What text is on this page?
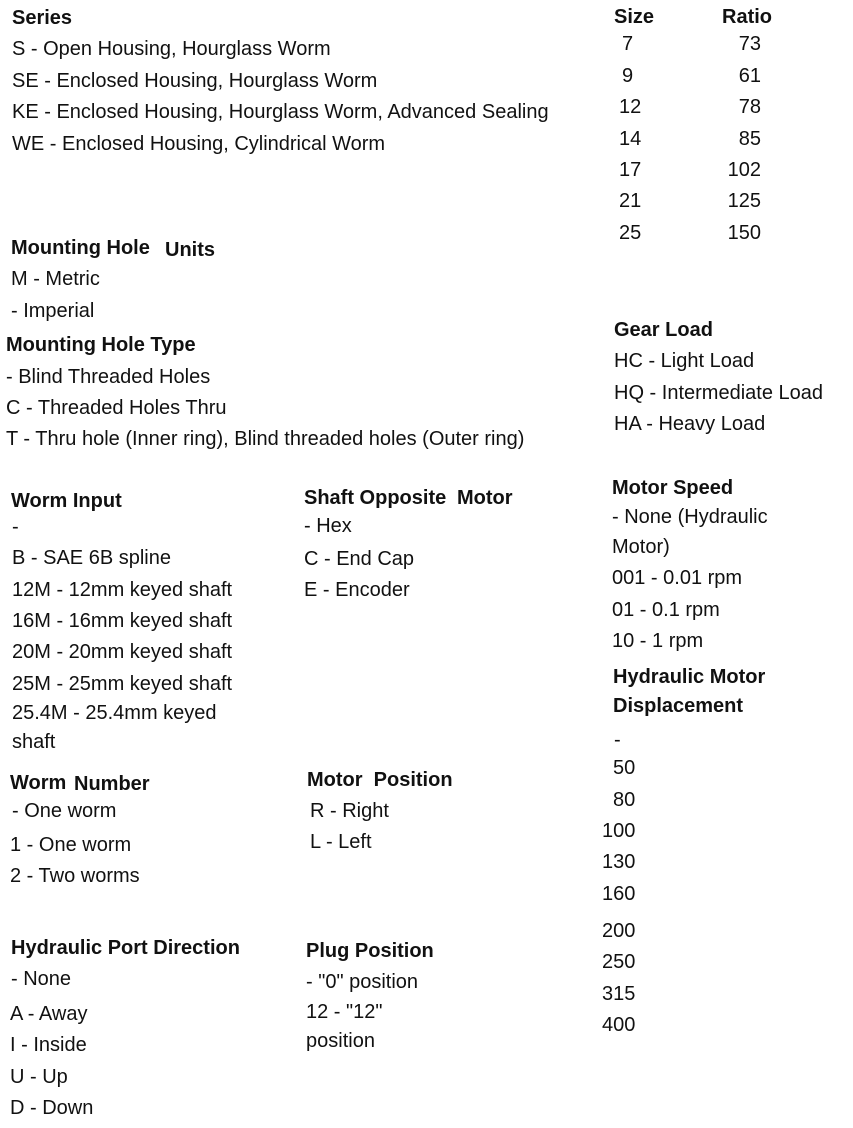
Series
S - Open Housing, Hourglass Worm
SE - Enclosed Housing, Hourglass Worm
KE - Enclosed Housing, Hourglass Worm, Advanced Sealing
WE - Enclosed Housing, Cylindrical Worm
Size	Ratio
7	73
9	61
12	78
14	85
17	102
21	125
25	150
Mounting Hole Units
M - Metric
- Imperial
Mounting Hole Type
- Blind Threaded Holes
C - Threaded Holes Thru
T - Thru hole (Inner ring), Blind threaded holes (Outer ring)
Gear Load
HC - Light Load
HQ - Intermediate Load
HA - Heavy Load
Worm Input
-
B - SAE 6B spline
12M - 12mm keyed shaft
16M - 16mm keyed shaft
20M - 20mm keyed shaft
25M - 25mm keyed shaft
25.4M - 25.4mm keyed
shaft
Shaft Opposite Motor
- Hex
C - End Cap
E - Encoder
Motor Speed
- None (Hydraulic
Motor)
001 - 0.01 rpm
01 - 0.1 rpm
10 - 1 rpm
Hydraulic Motor
Displacement
-
50
80
100
130
160
200
250
315
400
Worm Number
- One worm
1 - One worm
2 - Two worms
Motor  Position
R - Right
L - Left
Hydraulic Port Direction
- None
A - Away
I - Inside
U - Up
D - Down
Plug Position
- "0" position
12 - "12"
position
